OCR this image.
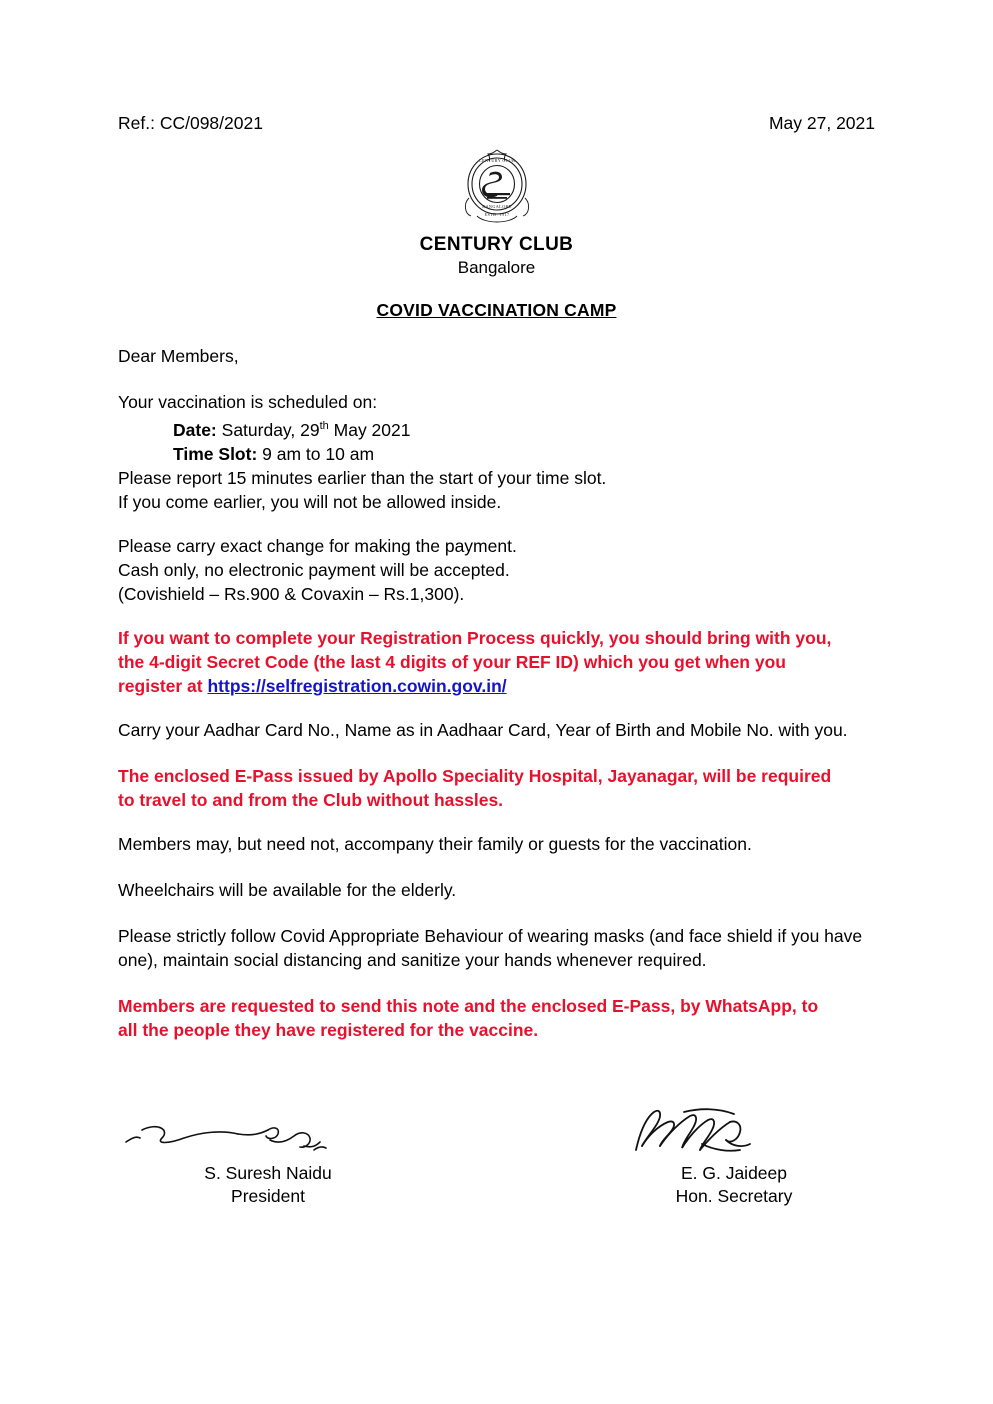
Ref.: CC/098/2021	May 27, 2021
CENTURY CLUB
BANGALORE
ESTD. 1917
CENTURY CLUB
Bangalore
COVID VACCINATION CAMP

Dear Members,

Your vaccination is scheduled on:
Date: Saturday, 29th May 2021
Time Slot: 9 am to 10 am
Please report 15 minutes earlier than the start of your time slot.
If you come earlier, you will not be allowed inside.

Please carry exact change for making the payment.
Cash only, no electronic payment will be accepted.
(Covishield – Rs.900 & Covaxin – Rs.1,300).

If you want to complete your Registration Process quickly, you should bring with you,
the 4-digit Secret Code (the last 4 digits of your REF ID) which you get when you
register at https://selfregistration.cowin.gov.in/

Carry your Aadhar Card No., Name as in Aadhaar Card, Year of Birth and Mobile No. with you.

The enclosed E-Pass issued by Apollo Speciality Hospital, Jayanagar, will be required
to travel to and from the Club without hassles.

Members may, but need not, accompany their family or guests for the vaccination.

Wheelchairs will be available for the elderly.

Please strictly follow Covid Appropriate Behaviour of wearing masks (and face shield if you have one), maintain social distancing and sanitize your hands whenever required.

Members are requested to send this note and the enclosed E-Pass, by WhatsApp, to
all the people they have registered for the vaccine.

S. Suresh Naidu
President
E. G. Jaideep
Hon. Secretary
